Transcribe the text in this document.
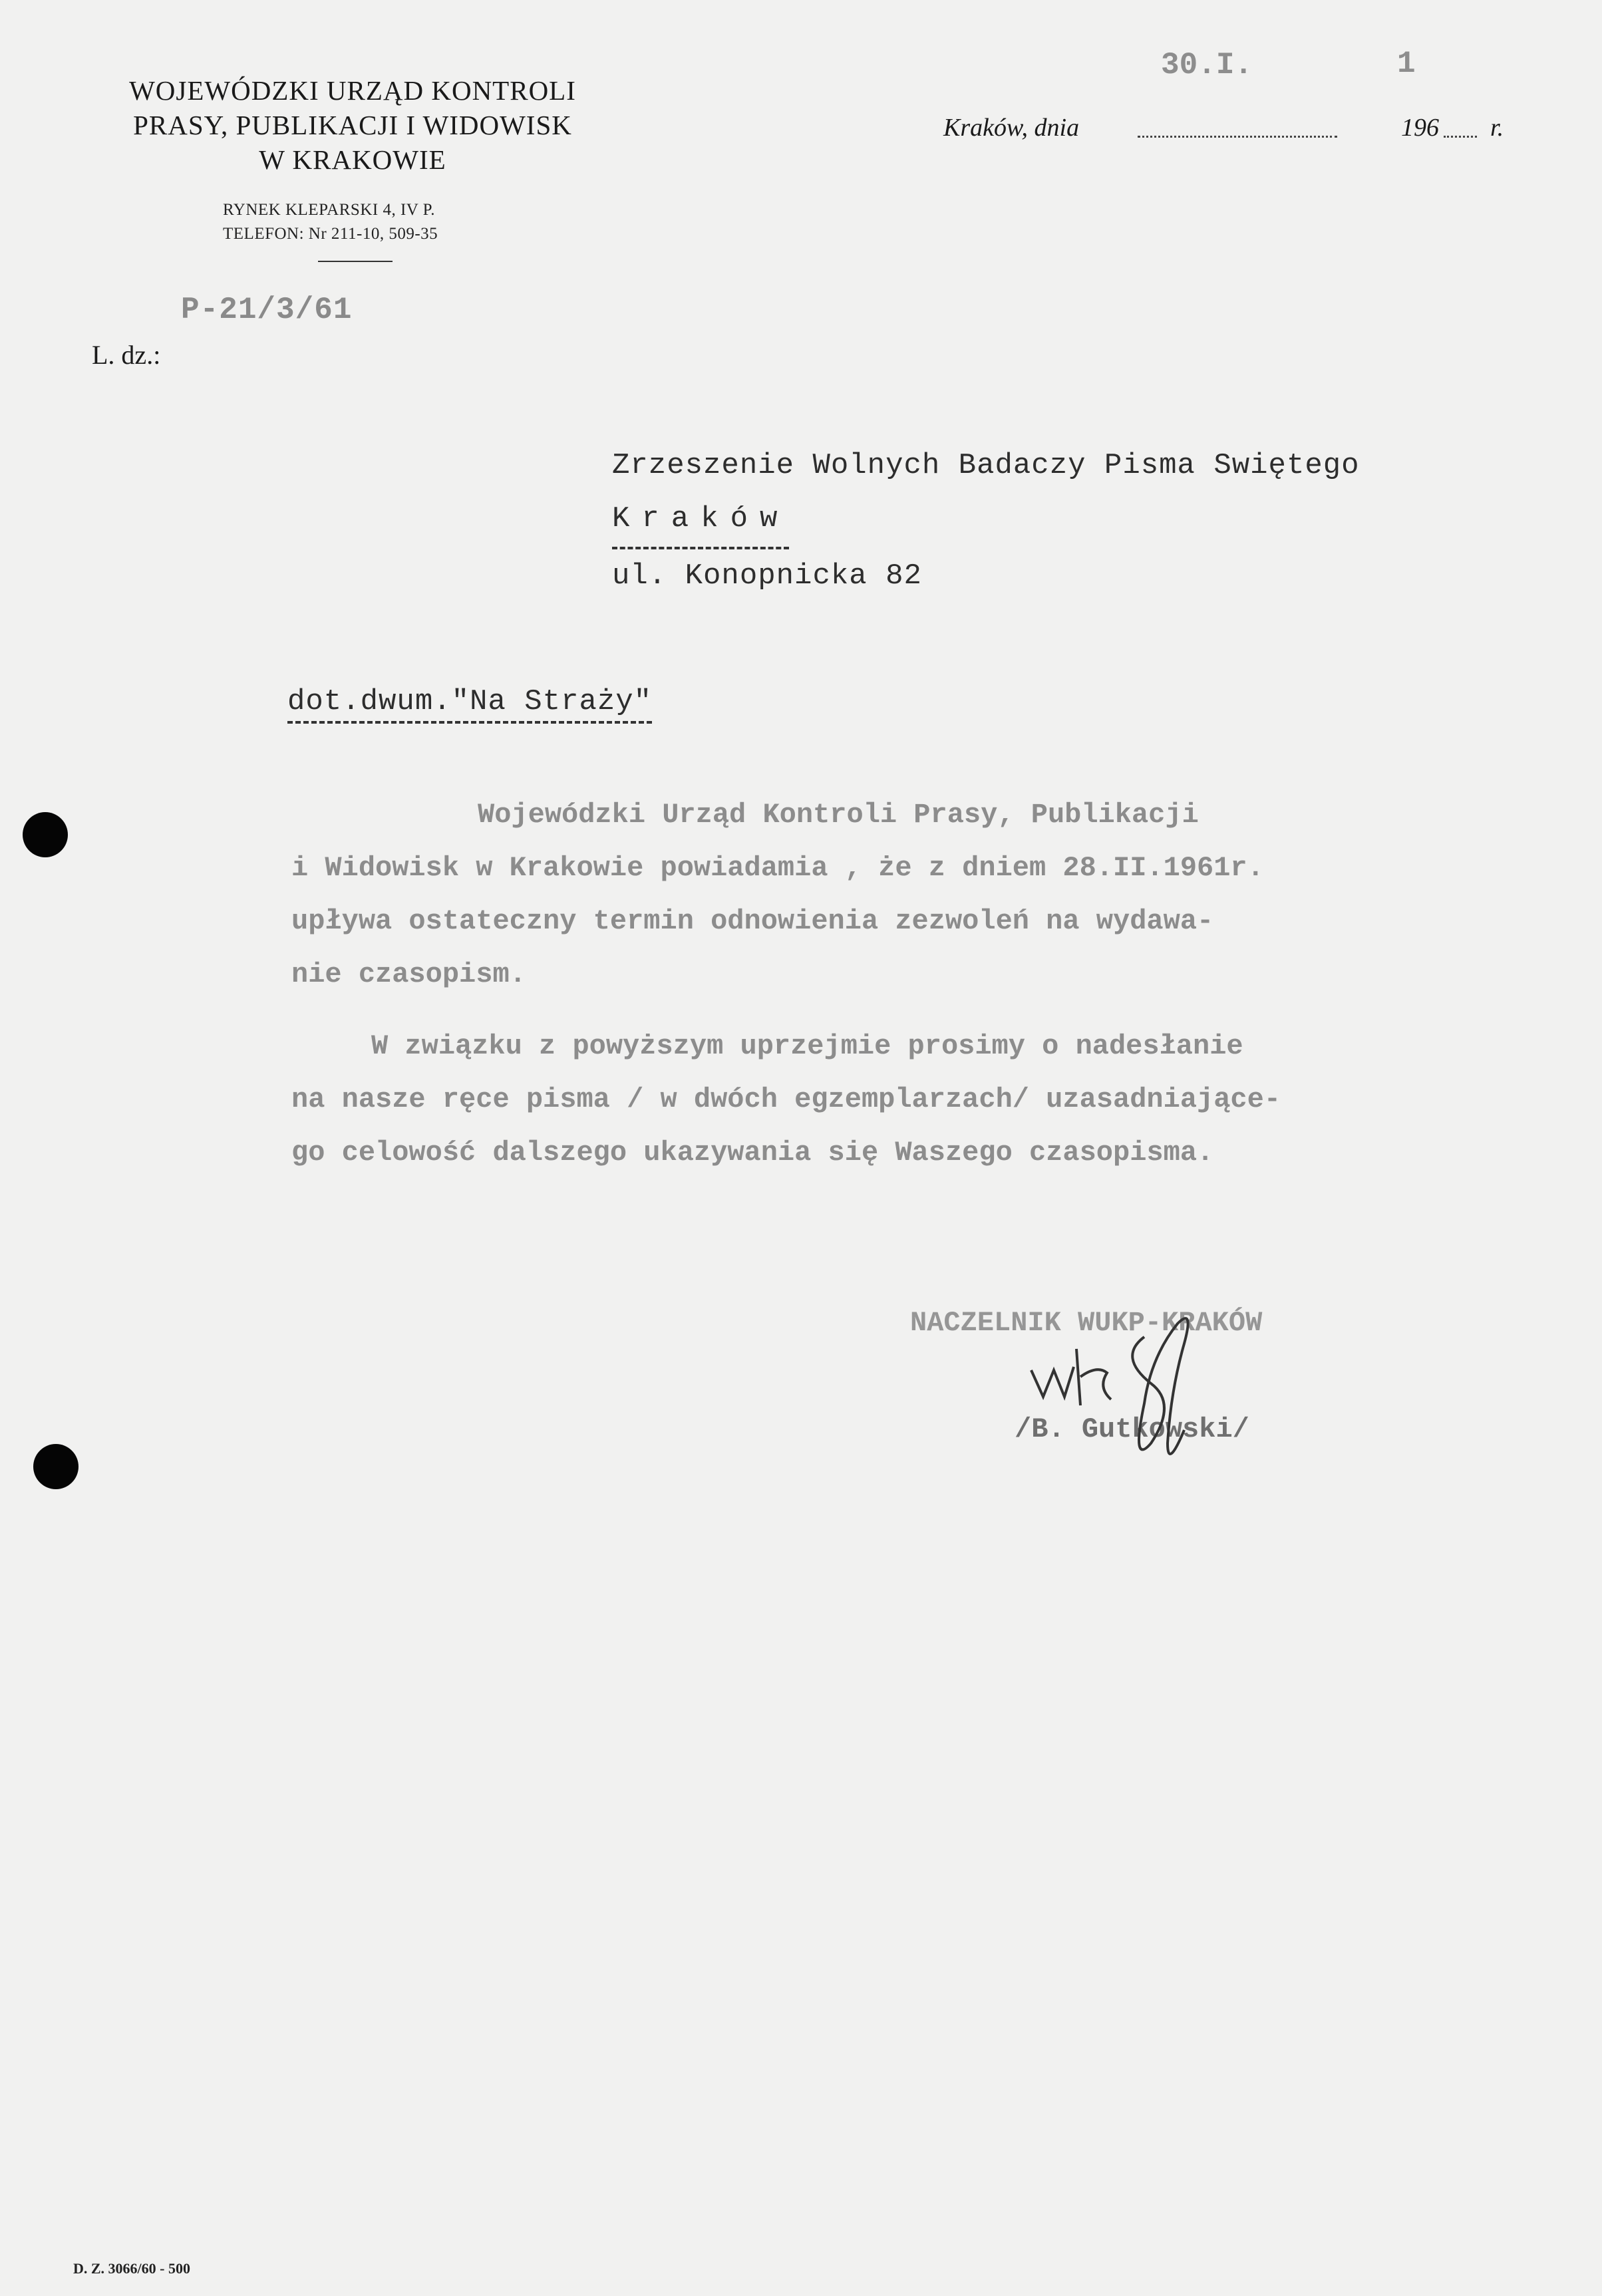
WOJEWÓDZKI URZĄD KONTROLI
PRASY, PUBLIKACJI I WIDOWISK
W KRAKOWIE
RYNEK KLEPARSKI 4, IV P.
TELEFON: Nr 211-10, 509-35
P-21/3/61
L. dz.:
30.I.	1
Kraków, dnia	196 r.
Zrzeszenie Wolnych Badaczy Pisma Swiętego
Kraków
ul. Konopnicka 82
dot.dwum."Na Straży"
Wojewódzki Urząd Kontroli Prasy, Publikacji
i Widowisk w Krakowie powiadamia , że z dniem 28.II.1961r.
upływa ostateczny termin odnowienia zezwoleń na wydawa-
nie czasopism.
W związku z powyższym uprzejmie prosimy o nadesłanie
na nasze ręce pisma / w dwóch egzemplarzach/ uzasadniające-
go celowość dalszego ukazywania się Waszego czasopisma.
NACZELNIK WUKP-KRAKÓW
/B. Gutkowski/
D. Z. 3066/60 - 500
